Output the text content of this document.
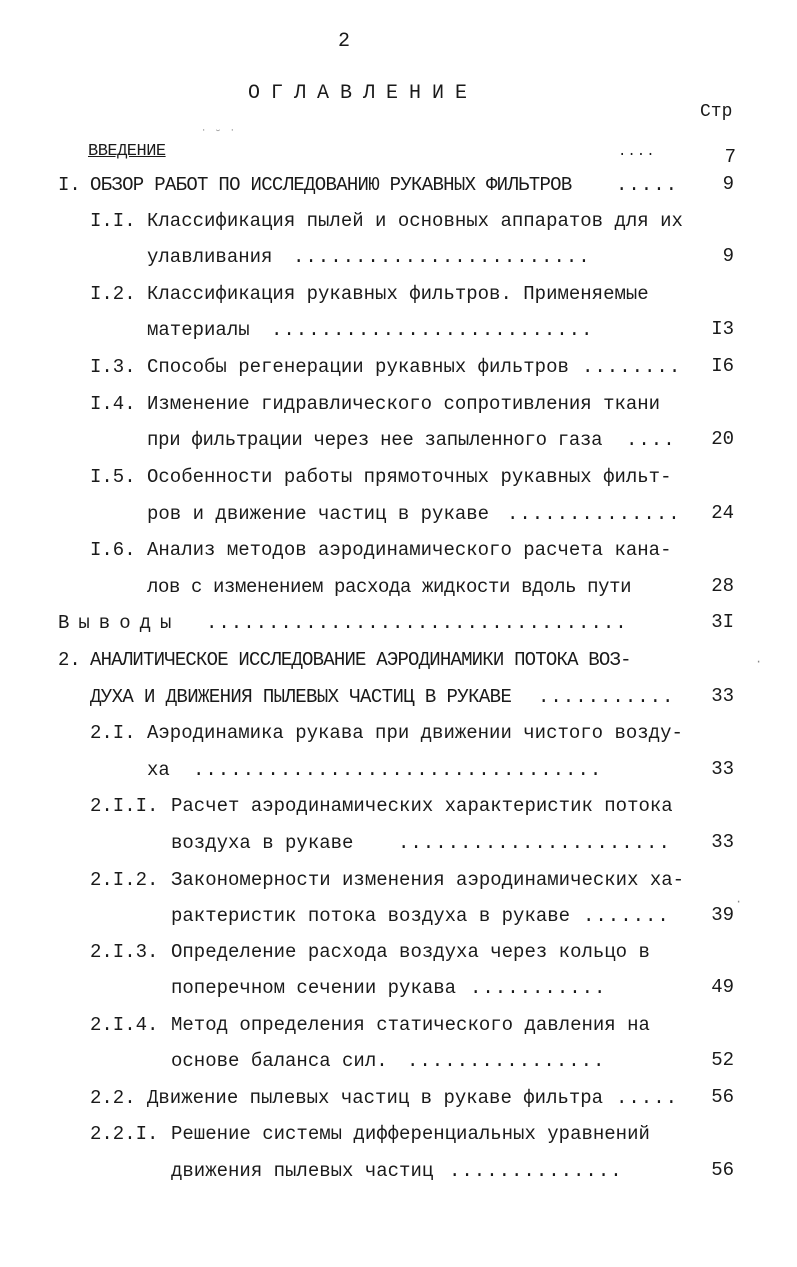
2
ОГЛАВЛЕНИЕ
Стр
ВВЕДЕНИЕ	....	7
I. ОБЗОР РАБОТ ПО ИССЛЕДОВАНИЮ РУКАВНЫХ ФИЛЬТРОВ .....	9
I.I. Классификация пылей и основных аппаратов для их
улавливания ........................	9
I.2. Классификация рукавных фильтров. Применяемые
материалы ..........................	I3
I.3. Способы регенерации рукавных фильтров ........	I6
I.4. Изменение гидравлического сопротивления ткани
при фильтрации через нее запыленного газа ....	20
I.5. Особенности работы прямоточных рукавных фильт-
ров и движение частиц в рукаве ..............	24
I.6. Анализ методов аэродинамического расчета кана-
лов с изменением расхода жидкости вдоль пути	28
Выводы ..................................	3I
2. АНАЛИТИЧЕСКОЕ ИССЛЕДОВАНИЕ АЭРОДИНАМИКИ ПОТОКА ВОЗ-
ДУХА И ДВИЖЕНИЯ ПЫЛЕВЫХ ЧАСТИЦ В РУКАВЕ ...........	33
2.I. Аэродинамика рукава при движении чистого возду-
ха .................................	33
2.I.I. Расчет аэродинамических характеристик потока
воздуха в рукаве ......................	33
2.I.2. Закономерности изменения аэродинамических ха-
рактеристик потока воздуха в рукаве .......	39
2.I.3. Определение расхода воздуха через кольцо в
поперечном сечении рукава ...........	49
2.I.4. Метод определения статического давления на
основе баланса сил. ................	52
2.2. Движение пылевых частиц в рукаве фильтра .....	56
2.2.I. Решение системы дифференциальных уравнений
движения пылевых частиц ..............	56
˙ ˘ ˙
·
·
